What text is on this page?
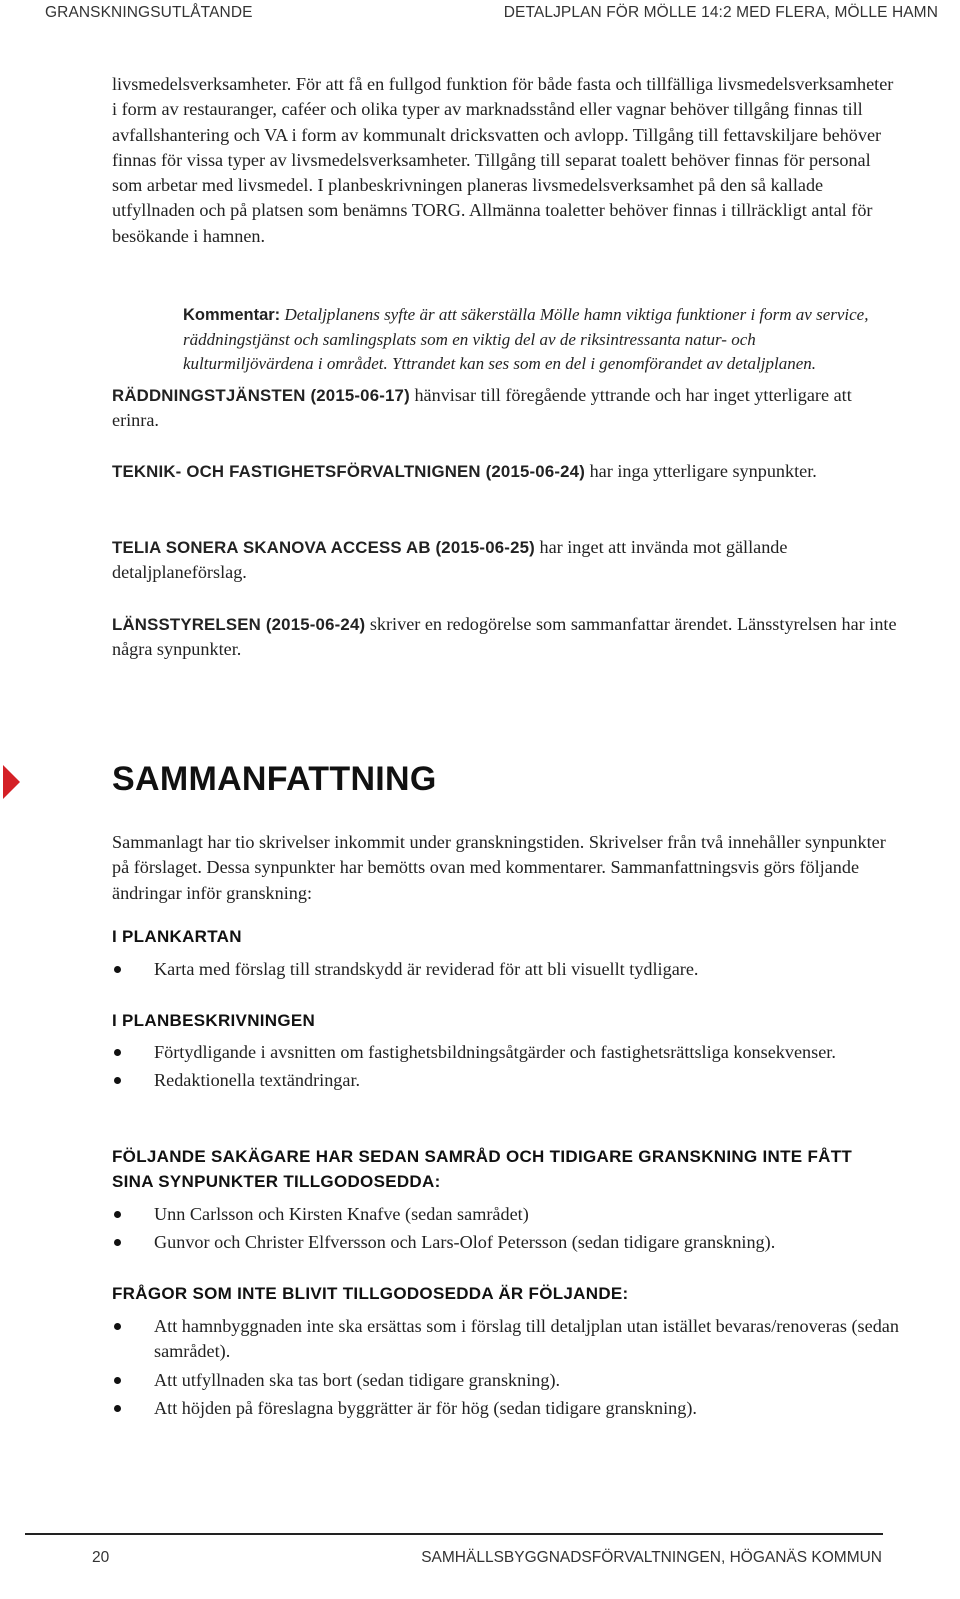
GRANSKNINGSUTLÅTANDE	DETALJPLAN FÖR MÖLLE 14:2 MED FLERA, MÖLLE HAMN

livsmedelsverksamheter. För att få en fullgod funktion för både fasta och tillfälliga livsmedelsverksamheter i form av restauranger, caféer och olika typer av marknadsstånd eller vagnar behöver tillgång finnas till avfallshantering och VA i form av kommunalt dricksvatten och avlopp. Tillgång till fettavskiljare behöver finnas för vissa typer av livsmedelsverksamheter. Tillgång till separat toalett behöver finnas för personal som arbetar med livsmedel. I planbeskrivningen planeras livsmedelsverksamhet på den så kallade utfyllnaden och på platsen som benämns TORG. Allmänna toaletter behöver finnas i tillräckligt antal för besökande i hamnen.

Kommentar: Detaljplanens syfte är att säkerställa Mölle hamn viktiga funktioner i form av service, räddningstjänst och samlingsplats som en viktig del av de riksintressanta natur- och kulturmiljövärdena i området. Yttrandet kan ses som en del i genomförandet av detaljplanen.

RÄDDNINGSTJÄNSTEN (2015-06-17) hänvisar till föregående yttrande och har inget ytterligare att erinra.

TEKNIK- OCH FASTIGHETSFÖRVALTNIGNEN (2015-06-24) har inga ytterligare synpunkter.

TELIA SONERA SKANOVA ACCESS AB (2015-06-25) har inget att invända mot gällande detaljplaneförslag.

LÄNSSTYRELSEN (2015-06-24) skriver en redogörelse som sammanfattar ärendet. Länsstyrelsen har inte några synpunkter.

SAMMANFATTNING

Sammanlagt har tio skrivelser inkommit under granskningstiden. Skrivelser från två innehåller synpunkter på förslaget. Dessa synpunkter har bemötts ovan med kommentarer. Sammanfattningsvis görs följande ändringar inför granskning:

I PLANKARTAN
Karta med förslag till strandskydd är reviderad för att bli visuellt tydligare.
I PLANBESKRIVNINGEN
Förtydligande i avsnitten om fastighetsbildningsåtgärder och fastighetsrättsliga konsekvenser.
Redaktionella textändringar.
FÖLJANDE SAKÄGARE HAR SEDAN SAMRÅD OCH TIDIGARE GRANSKNING INTE FÅTT SINA SYNPUNKTER TILLGODOSEDDA:
Unn Carlsson och Kirsten Knafve (sedan samrådet)
Gunvor och Christer Elfversson och Lars-Olof Petersson (sedan tidigare granskning).
FRÅGOR SOM INTE BLIVIT TILLGODOSEDDA ÄR FÖLJANDE:
Att hamnbyggnaden inte ska ersättas som i förslag till detaljplan utan istället bevaras/renoveras (sedan samrådet).
Att utfyllnaden ska tas bort (sedan tidigare granskning).
Att höjden på föreslagna byggrätter är för hög (sedan tidigare granskning).
20	SAMHÄLLSBYGGNADSFÖRVALTNINGEN, HÖGANÄS KOMMUN
